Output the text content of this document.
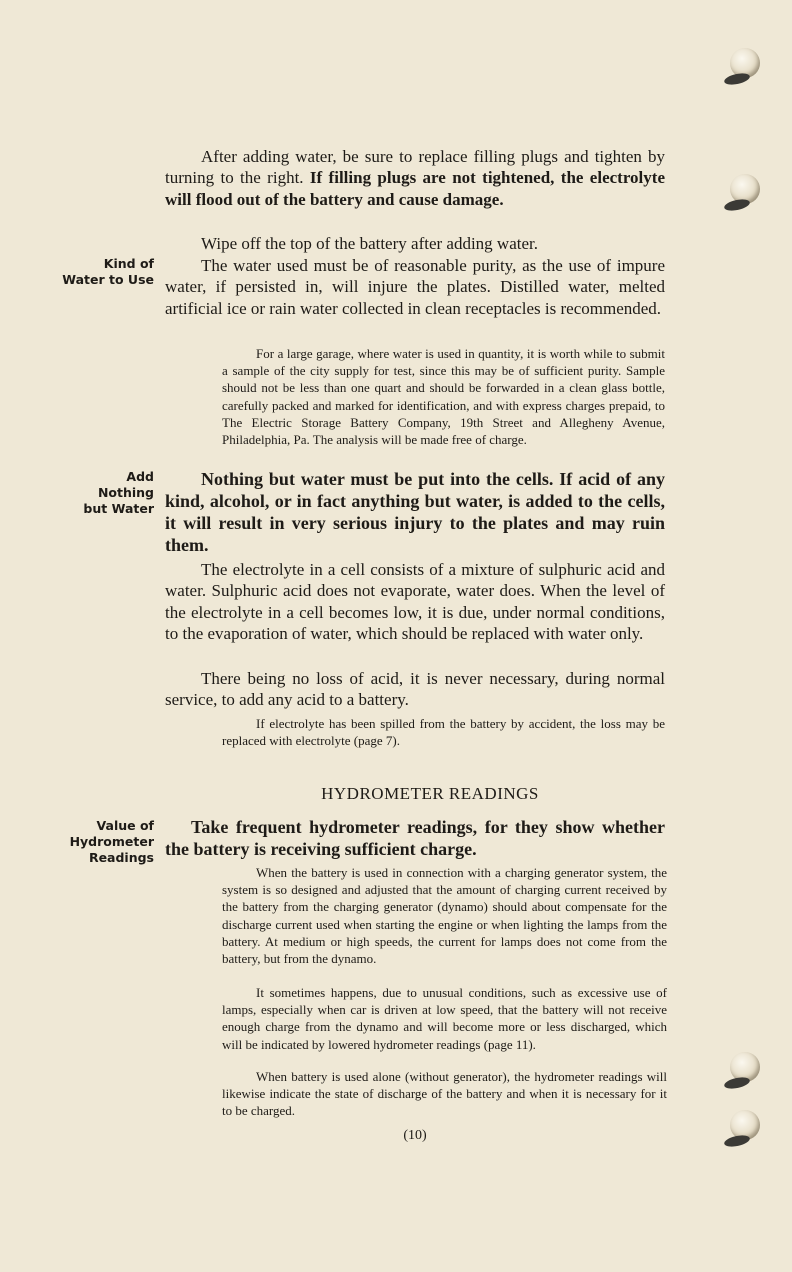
After adding water, be sure to replace filling plugs and tighten by turning to the right. If filling plugs are not tightened, the electrolyte will flood out of the battery and cause damage.

Wipe off the top of the battery after adding water.

Kind of
Water to Use

The water used must be of reasonable purity, as the use of impure water, if persisted in, will injure the plates. Distilled water, melted artificial ice or rain water collected in clean receptacles is recommended.

For a large garage, where water is used in quantity, it is worth while to submit a sample of the city supply for test, since this may be of sufficient purity. Sample should not be less than one quart and should be forwarded in a clean glass bottle, carefully packed and marked for identification, and with express charges prepaid, to The Electric Storage Battery Company, 19th Street and Allegheny Avenue, Philadelphia, Pa. The analysis will be made free of charge.

Add
Nothing
but Water

Nothing but water must be put into the cells. If acid of any kind, alcohol, or in fact anything but water, is added to the cells, it will result in very serious injury to the plates and may ruin them.

The electrolyte in a cell consists of a mixture of sulphuric acid and water. Sulphuric acid does not evaporate, water does. When the level of the electrolyte in a cell becomes low, it is due, under normal conditions, to the evaporation of water, which should be replaced with water only.

There being no loss of acid, it is never necessary, during normal service, to add any acid to a battery.

If electrolyte has been spilled from the battery by accident, the loss may be replaced with electrolyte (page 7).

HYDROMETER READINGS
Value of
Hydrometer
Readings

Take frequent hydrometer readings, for they show whether the battery is receiving sufficient charge.

When the battery is used in connection with a charging generator system, the system is so designed and adjusted that the amount of charging current received by the battery from the charging generator (dynamo) should about compensate for the discharge current used when starting the engine or when lighting the lamps from the battery. At medium or high speeds, the current for lamps does not come from the battery, but from the dynamo.

It sometimes happens, due to unusual conditions, such as excessive use of lamps, especially when car is driven at low speed, that the battery will not receive enough charge from the dynamo and will become more or less discharged, which will be indicated by lowered hydrometer readings (page 11).

When battery is used alone (without generator), the hydrometer readings will likewise indicate the state of discharge of the battery and when it is necessary for it to be charged.

(10)
